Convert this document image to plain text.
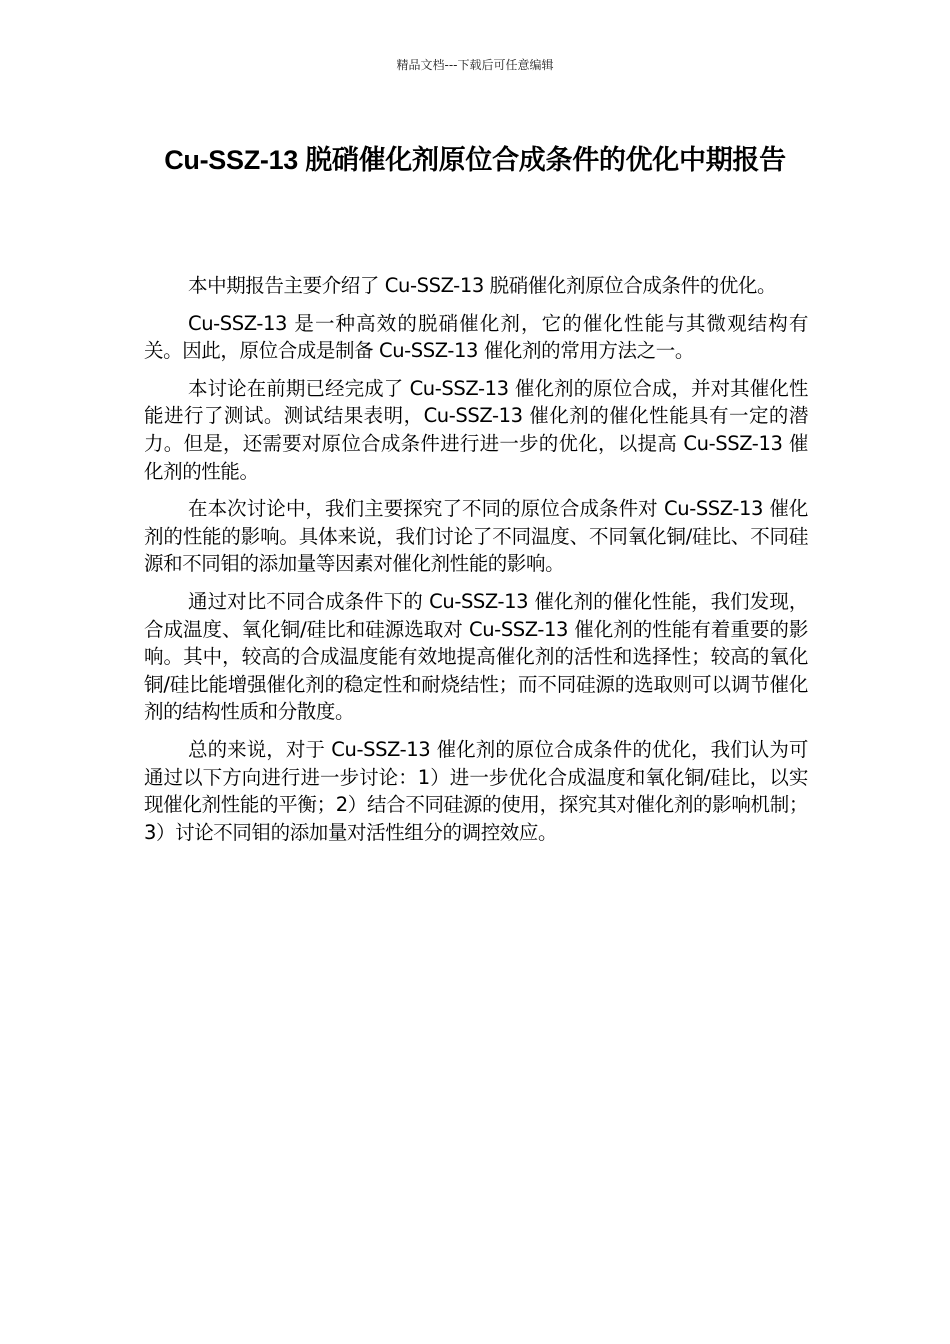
精品文档---下载后可任意编辑
Cu-SSZ-13 脱硝催化剂原位合成条件的优化中期报告

本中期报告主要介绍了 Cu-SSZ-13 脱硝催化剂原位合成条件的优化。

Cu-SSZ-13 是一种高效的脱硝催化剂，它的催化性能与其微观结构有关。因此，原位合成是制备 Cu-SSZ-13 催化剂的常用方法之一。

本讨论在前期已经完成了 Cu-SSZ-13 催化剂的原位合成，并对其催化性能进行了测试。测试结果表明，Cu-SSZ-13 催化剂的催化性能具有一定的潜力。但是，还需要对原位合成条件进行进一步的优化，以提高 Cu-SSZ-13 催化剂的性能。

在本次讨论中，我们主要探究了不同的原位合成条件对 Cu-SSZ-13 催化剂的性能的影响。具体来说，我们讨论了不同温度、不同氧化铜/硅比、不同硅源和不同钼的添加量等因素对催化剂性能的影响。

通过对比不同合成条件下的 Cu-SSZ-13 催化剂的催化性能，我们发现，合成温度、氧化铜/硅比和硅源选取对 Cu-SSZ-13 催化剂的性能有着重要的影响。其中，较高的合成温度能有效地提高催化剂的活性和选择性；较高的氧化铜/硅比能增强催化剂的稳定性和耐烧结性；而不同硅源的选取则可以调节催化剂的结构性质和分散度。

总的来说，对于 Cu-SSZ-13 催化剂的原位合成条件的优化，我们认为可通过以下方向进行进一步讨论：1）进一步优化合成温度和氧化铜/硅比，以实现催化剂性能的平衡；2）结合不同硅源的使用，探究其对催化剂的影响机制；3）讨论不同钼的添加量对活性组分的调控效应。
